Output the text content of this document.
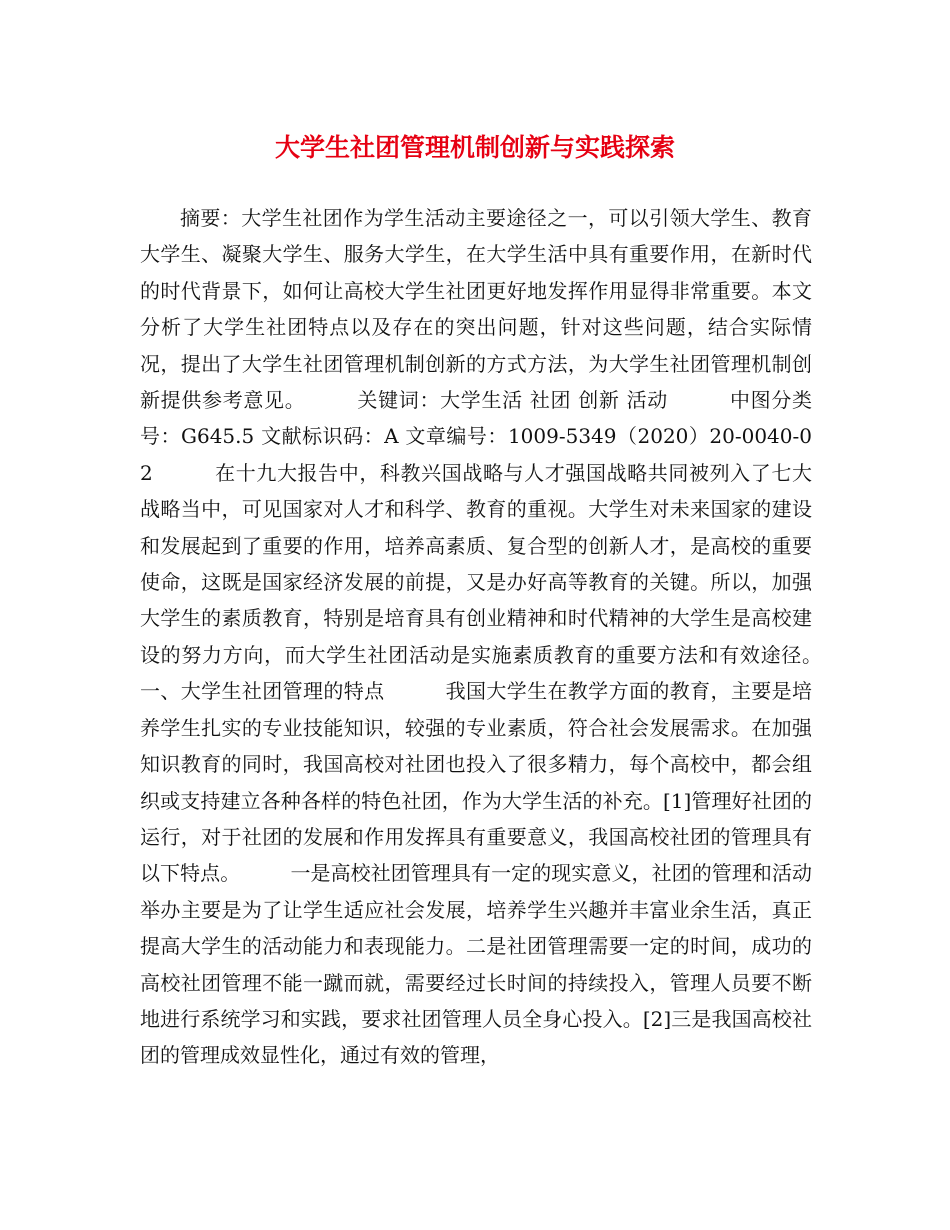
大学生社团管理机制创新与实践探索

摘要：大学生社团作为学生活动主要途径之一，可以引领大学生、教育大学生、凝聚大学生、服务大学生，在大学生活中具有重要作用，在新时代的时代背景下，如何让高校大学生社团更好地发挥作用显得非常重要。本文分析了大学生社团特点以及存在的突出问题，针对这些问题，结合实际情况，提出了大学生社团管理机制创新的方式方法，为大学生社团管理机制创新提供参考意见。　　　关键词：大学生活 社团 创新 活动　　　中图分类号：G645.5 文献标识码：A 文章编号：1009-5349（2020）20-0040-02　　　在十九大报告中，科教兴国战略与人才强国战略共同被列入了七大战略当中，可见国家对人才和科学、教育的重视。大学生对未来国家的建设和发展起到了重要的作用，培养高素质、复合型的创新人才，是高校的重要使命，这既是国家经济发展的前提，又是办好高等教育的关键。所以，加强大学生的素质教育，特别是培育具有创业精神和时代精神的大学生是高校建设的努力方向，而大学生社团活动是实施素质教育的重要方法和有效途径。　　　一、大学生社团管理的特点　　　我国大学生在教学方面的教育，主要是培养学生扎实的专业技能知识，较强的专业素质，符合社会发展需求。在加强知识教育的同时，我国高校对社团也投入了很多精力，每个高校中，都会组织或支持建立各种各样的特色社团，作为大学生活的补充。[1]管理好社团的运行，对于社团的发展和作用发挥具有重要意义，我国高校社团的管理具有以下特点。　　　一是高校社团管理具有一定的现实意义，社团的管理和活动举办主要是为了让学生适应社会发展，培养学生兴趣并丰富业余生活，真正提高大学生的活动能力和表现能力。二是社团管理需要一定的时间，成功的高校社团管理不能一蹴而就，需要经过长时间的持续投入，管理人员要不断地进行系统学习和实践，要求社团管理人员全身心投入。[2]三是我国高校社团的管理成效显性化，通过有效的管理，
